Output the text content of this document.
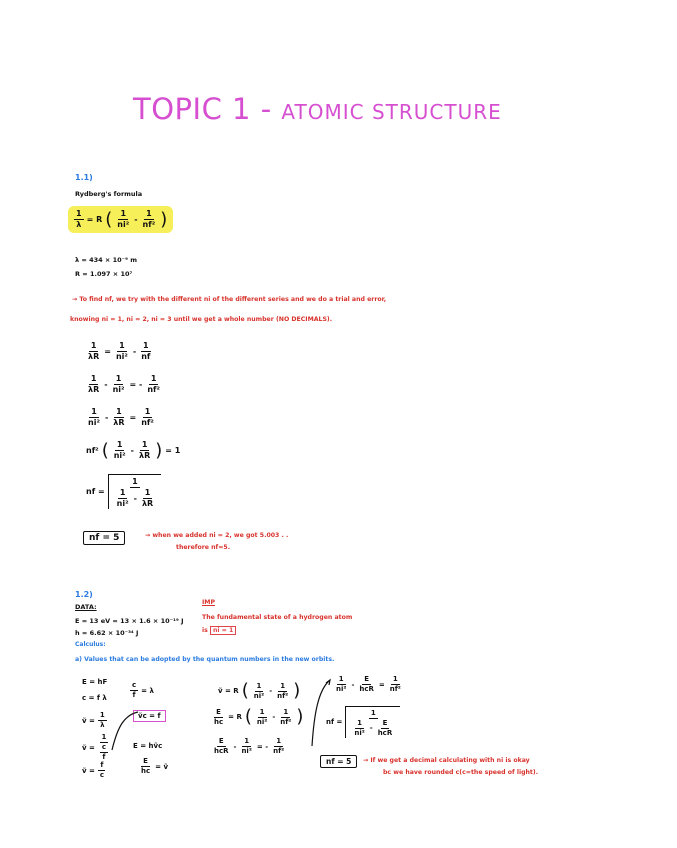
TOPIC 1 - ATOMIC STRUCTURE
1.1)
Rydberg's formula
$\frac{1}{\lambda} = R$ ( $\frac{1}{\text{ni²}} - \frac{1}{\text{nf²}}$ )
λ = 434 × 10⁻⁹ m
R = 1.097 × 10⁷
→ To find nf, we try with the different ni of the different series and we do a trial and error,
knowing ni = 1, ni = 2, ni = 3 until we get a whole number (NO DECIMALS).
$\frac{1}{\lambda R} = \frac{1}{\text{ni²}} - \frac{1}{nf}$
$\frac{1}{\lambda R} - \frac{1}{\text{ni²}}$ = - $\frac{1}{\text{nf²}}$
$\frac{1}{\text{ni²}} - \frac{1}{\lambda R} = \frac{1}{\text{nf²}}$
nf² ( $\frac{1}{\text{ni²}} - \frac{1}{\lambda R}$ ) = 1
nf = $\frac{1}{\frac{1}{\text{ni²}} - \frac{1}{\lambda R}}$
nf = 5	→ when we added ni = 2, we got 5.003 . .
therefore nf=5.
1.2)
DATA:
E = 13 eV = 13 × 1.6 × 10⁻¹⁹ J
h = 6.62 × 10⁻³⁴ J
Calculus:
a) Values that can be adopted by the quantum numbers in the new orbits.
IMP
The fundamental state of a hydrogen atom
is ni = 1
E = hF
c = f λ	$\frac{c}{f} = \lambda$
ṽ = $\frac{1}{\lambda}$	ṽc = f
ṽ = $\frac{1}{\frac{c}{f}}$	E = hṽc
ṽ = $\frac{f}{c}$	$\frac{E}{hc}$ = ṽ
ṽ = R ( $\frac{1}{\text{ni²}} - \frac{1}{\text{nf²}}$ )
$\frac{E}{hc} = R$ ( $\frac{1}{\text{ni²}} - \frac{1}{\text{nf²}}$ )
$\frac{E}{\text{hcR}} - \frac{1}{\text{ni²}}$ = - $\frac{1}{\text{nf²}}$
$\frac{1}{\text{ni²}} - \frac{E}{\text{hcR}} = \frac{1}{\text{nf²}}$
nf = $\frac{1}{\frac{1}{\text{ni²}} - \frac{E}{\text{hcR}}}$
nf = 5	→ If we get a decimal calculating with ni is okay
bc we have rounded c(c=the speed of light).
